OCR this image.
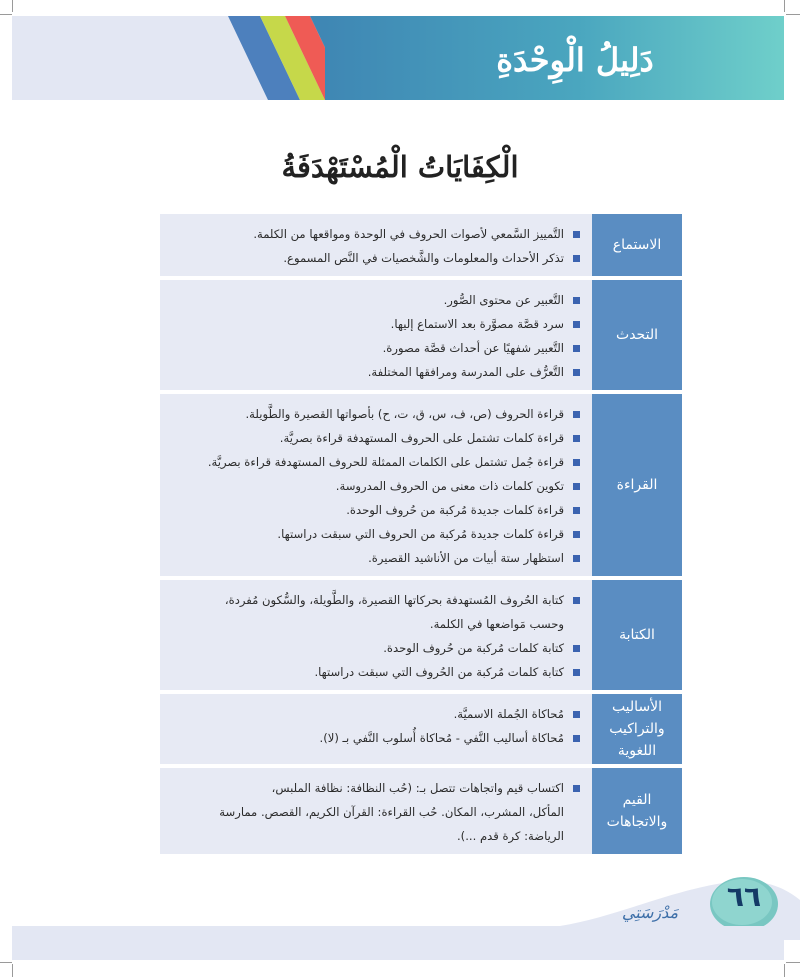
دَلِيلُ الْوِحْدَةِ
الْكِفَايَاتُ الْمُسْتَهْدَفَةُ
الاستماع
التَّمييز السَّمعي لأصوات الحروف في الوحدة ومواقعها من الكلمة.
تذكر الأحداث والمعلومات والشَّخصيات في النَّص المسموع.
التحدث
التَّعبير عن محتوى الصُّور.
سرد قصَّة مصوَّرة بعد الاستماع إليها.
التَّعبير شفهيًا عن أحداث قصَّة مصورة.
التَّعرُّف على المدرسة ومرافقها المختلفة.
القراءة
قراءة الحروف (ص، ف، س، ق، ت، ح) بأصواتها القصيرة والطَّويلة.
قراءة كلمات تشتمل على الحروف المستهدفة قراءة بصريَّة.
قراءة جُمل تشتمل على الكلمات الممثلة للحروف المستهدفة قراءة بصريَّة.
تكوين كلمات ذات معنى من الحروف المدروسة.
قراءة كلمات جديدة مُركبة من حُروف الوحدة.
قراءة كلمات جديدة مُركبة من الحروف التي سبقت دراستها.
استظهار ستة أبيات من الأناشيد القصيرة.
الكتابة
كتابة الحُروف المُستهدفة بحركاتها القصيرة، والطَّويلة، والسُّكون مُفردة،
وحسب مَواضعها في الكلمة.
كتابة كلمات مُركبة من حُروف الوحدة.
كتابة كلمات مُركبة من الحُروف التي سبقت دراستها.
الأساليب والتراكيب اللغوية
مُحاكاة الجُملة الاسميَّة.
مُحاكاة أساليب النَّفي - مُحاكاة أُسلوب النَّفي بـ (لا).
القيم والاتجاهات
اكتساب قيم واتجاهات تتصل بـ: (حُب النظافة: نظافة الملبس،
المأكل، المشرب، المكان. حُب القراءة: القرآن الكريم، القصص. ممارسة
الرياضة: كرة قدم ...).
مَدْرَسَتِي	٦٦
